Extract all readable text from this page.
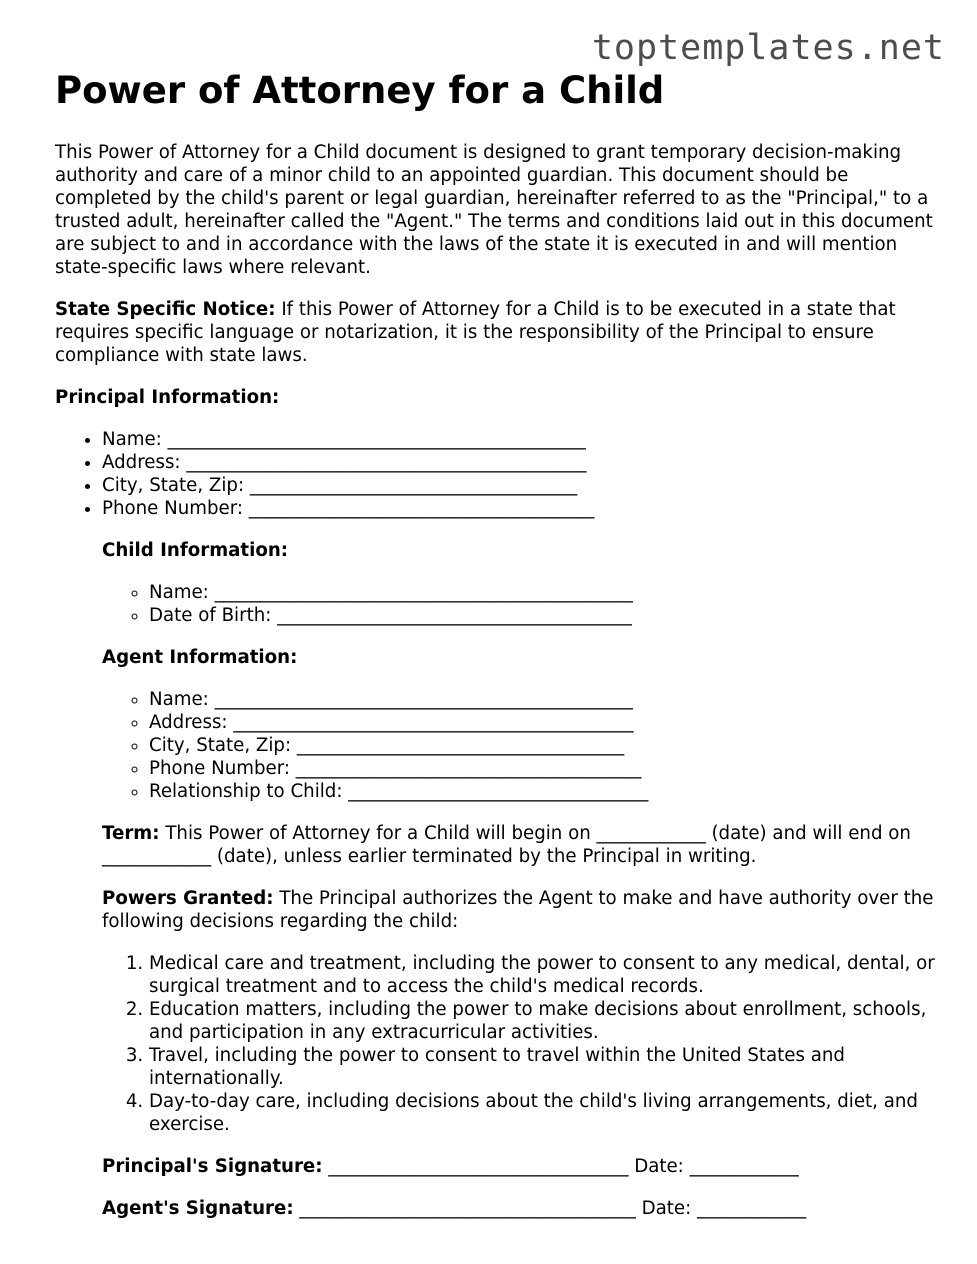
toptemplates.net
Power of Attorney for a Child

This Power of Attorney for a Child document is designed to grant temporary decision-making authority and care of a minor child to an appointed guardian. This document should be completed by the child's parent or legal guardian, hereinafter referred to as the "Principal," to a trusted adult, hereinafter called the "Agent." The terms and conditions laid out in this document are subject to and in accordance with the laws of the state it is executed in and will mention state-specific laws where relevant.

State Specific Notice: If this Power of Attorney for a Child is to be executed in a state that requires specific language or notarization, it is the responsibility of the Principal to ensure compliance with state laws.

Principal Information:

• Name: ______________________________________________
• Address: ____________________________________________
• City, State, Zip: ____________________________________
• Phone Number: ______________________________________

Child Information:

◦ Name: ______________________________________________
◦ Date of Birth: _______________________________________

Agent Information:

◦ Name: ______________________________________________
◦ Address: ____________________________________________
◦ City, State, Zip: ____________________________________
◦ Phone Number: ______________________________________
◦ Relationship to Child: _________________________________

Term: This Power of Attorney for a Child will begin on ____________ (date) and will end on ____________ (date), unless earlier terminated by the Principal in writing.

Powers Granted: The Principal authorizes the Agent to make and have authority over the following decisions regarding the child:

1. Medical care and treatment, including the power to consent to any medical, dental, or surgical treatment and to access the child's medical records.
2. Education matters, including the power to make decisions about enrollment, schools, and participation in any extracurricular activities.
3. Travel, including the power to consent to travel within the United States and internationally.
4. Day-to-day care, including decisions about the child's living arrangements, diet, and exercise.

Principal's Signature: _________________________________ Date: ____________

Agent's Signature: _____________________________________ Date: ____________
